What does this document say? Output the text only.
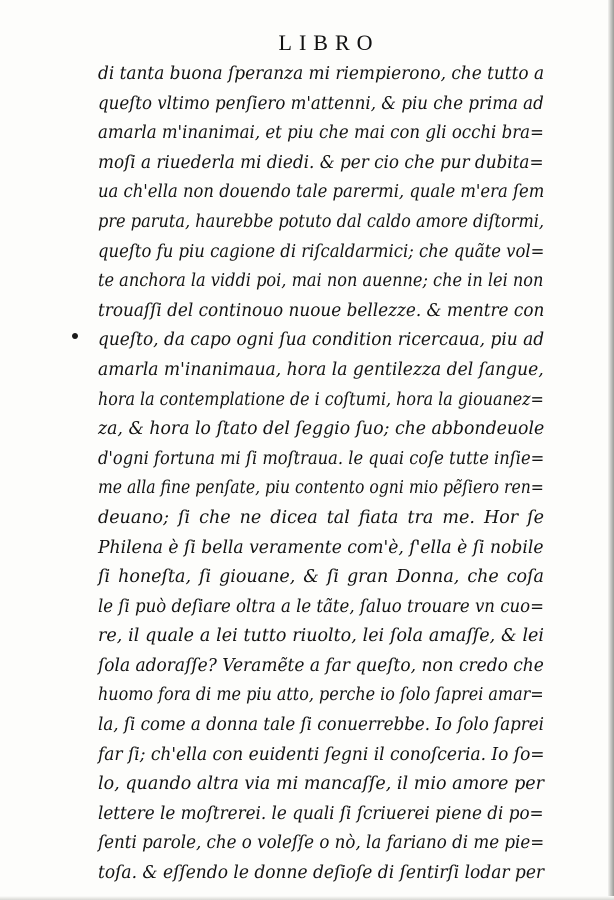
LIBRO
di tanta buona ſperanza mi riempierono, che tutto a
queſto vltimo penſiero m'attenni, & piu che prima ad
amarla m'inanimai, et piu che mai con gli occhi bra=
moſi a riuederla mi diedi. & per cio che pur dubita=
ua ch'ella non douendo tale parermi, quale m'era ſem
pre paruta, haurebbe potuto dal caldo amore diſtormi,
queſto fu piu cagione di riſcaldarmici; che quãte vol=
te anchora la viddi poi, mai non auenne; che in lei non
trouaſſi del continouo nuoue bellezze. & mentre con
queſto, da capo ogni ſua condition ricercaua, piu ad
amarla m'inanimaua, hora la gentilezza del ſangue,
hora la contemplatione de i coſtumi, hora la giouanez=
za, & hora lo ſtato del ſeggio ſuo; che abbondeuole
d'ogni fortuna mi ſi moſtraua. le quai coſe tutte inſie=
me alla fine penſate, piu contento ogni mio pẽſiero ren=
deuano; ſi che ne dicea tal fiata tra me. Hor ſe
Philena è ſi bella veramente com'è, ſ'ella è ſi nobile
ſi honeſta, ſi giouane, & ſi gran Donna, che coſa
le ſi può deſiare oltra a le tãte, ſaluo trouare vn cuo=
re, il quale a lei tutto riuolto, lei ſola amaſſe, & lei
ſola adoraſſe? Veramẽte a far queſto, non credo che
huomo fora di me piu atto, perche io ſolo ſaprei amar=
la, ſi come a donna tale ſi conuerrebbe. Io ſolo ſaprei
far ſi; ch'ella con euidenti ſegni il conoſceria. Io ſo=
lo, quando altra via mi mancaſſe, il mio amore per
lettere le moſtrerei. le quali ſi ſcriuerei piene di po=
ſenti parole, che o voleſſe o nò, la fariano di me pie=
toſa. & eſſendo le donne deſioſe di ſentirſi lodar per
